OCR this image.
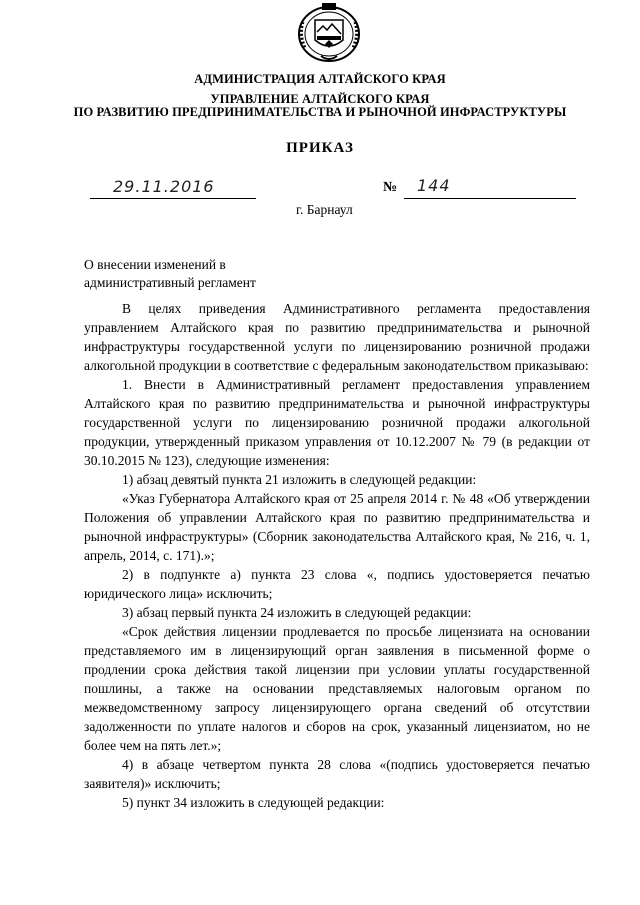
АДМИНИСТРАЦИЯ АЛТАЙСКОГО КРАЯ
УПРАВЛЕНИЕ АЛТАЙСКОГО КРАЯ
ПО РАЗВИТИЮ ПРЕДПРИНИМАТЕЛЬСТВА И РЫНОЧНОЙ ИНФРАСТРУКТУРЫ
ПРИКАЗ
29.11.2016	№ 144
г. Барнаул
О внесении изменений в
административный регламент

В целях приведения Административного регламента предоставления управлением Алтайского края по развитию предпринимательства и рыночной инфраструктуры государственной услуги по лицензированию розничной продажи алкогольной продукции в соответствие с федеральным законодательством приказываю:

1. Внести в Административный регламент предоставления управлением Алтайского края по развитию предпринимательства и рыночной инфраструктуры государственной услуги по лицензированию розничной продажи алкогольной продукции, утвержденный приказом управления от 10.12.2007 № 79 (в редакции от 30.10.2015 № 123), следующие изменения:

1) абзац девятый пункта 21 изложить в следующей редакции:

«Указ Губернатора Алтайского края от 25 апреля 2014 г. № 48 «Об утверждении Положения об управлении Алтайского края по развитию предпринимательства и рыночной инфраструктуры» (Сборник законодательства Алтайского края, № 216, ч. 1, апрель, 2014, с. 171).»;

2) в подпункте а) пункта 23 слова «, подпись удостоверяется печатью юридического лица» исключить;

3) абзац первый пункта 24 изложить в следующей редакции:

«Срок действия лицензии продлевается по просьбе лицензиата на основании представляемого им в лицензирующий орган заявления в письменной форме о продлении срока действия такой лицензии при условии уплаты государственной пошлины, а также на основании представляемых налоговым органом по межведомственному запросу лицензирующего органа сведений об отсутствии задолженности по уплате налогов и сборов на срок, указанный лицензиатом, но не более чем на пять лет.»;

4) в абзаце четвертом пункта 28 слова «(подпись удостоверяется печатью заявителя)» исключить;

5) пункт 34 изложить в следующей редакции:
